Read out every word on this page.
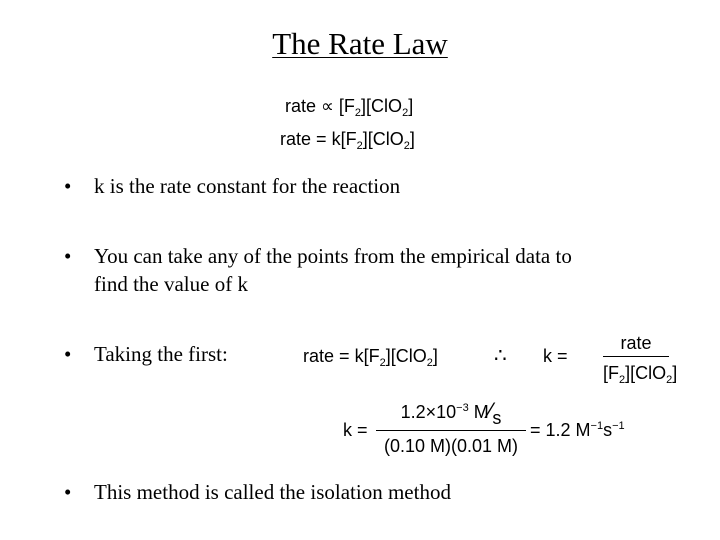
The Rate Law
rate ∝ $[F_2][ClO_2]$
rate = $k[F_2][ClO_2]$
• k is the rate constant for the reaction
• You can take any of the points from the empirical data to
find the value of k
• Taking the first:	rate = $k[F_2][ClO_2]$	∴ k =
rate
$[F_2][ClO_2]$
k =
$1.2\times 10^{-3}$ M⁄s
(0.10 M)(0.01 M)
= 1.2 $M^{-1}s^{-1}$
• This method is called the isolation method
